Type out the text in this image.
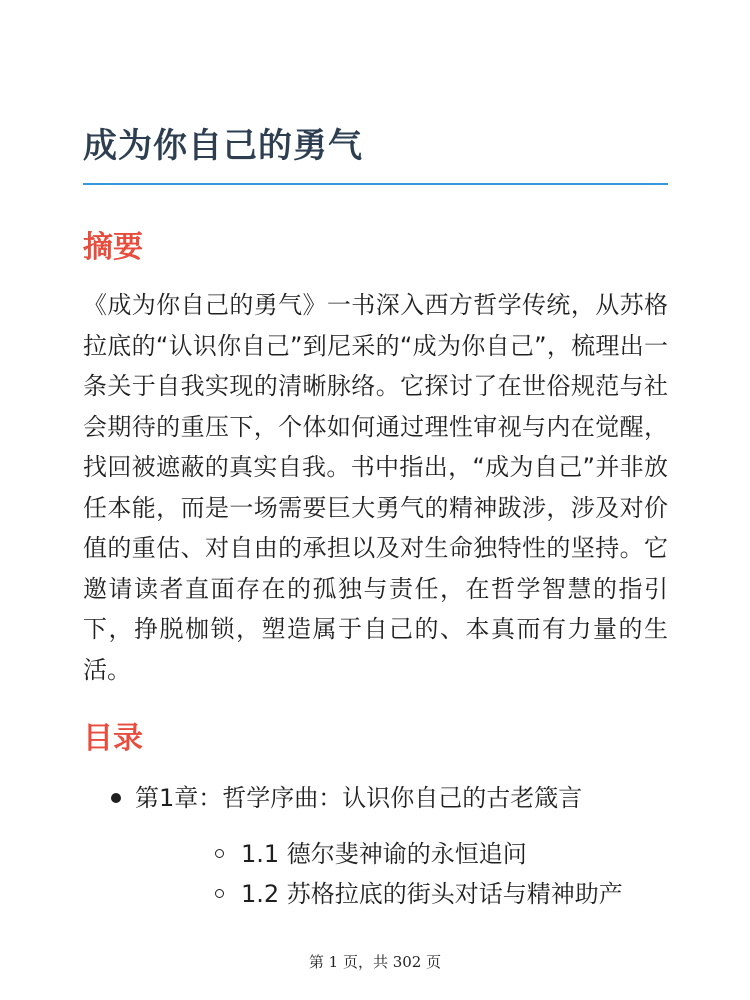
成为你自己的勇气
摘要

《成为你自己的勇气》一书深入西方哲学传统，从苏格拉底的“认识你自己”到尼采的“成为你自己”，梳理出一条关于自我实现的清晰脉络。它探讨了在世俗规范与社会期待的重压下，个体如何通过理性审视与内在觉醒，找回被遮蔽的真实自我。书中指出，“成为自己”并非放任本能，而是一场需要巨大勇气的精神跋涉，涉及对价值的重估、对自由的承担以及对生命独特性的坚持。它邀请读者直面存在的孤独与责任，在哲学智慧的指引下，挣脱枷锁，塑造属于自己的、本真而有力量的生活。

目录
第1章：哲学序曲：认识你自己的古老箴言
1.1 德尔斐神谕的永恒追问
1.2 苏格拉底的街头对话与精神助产
第 1 页，共 302 页
